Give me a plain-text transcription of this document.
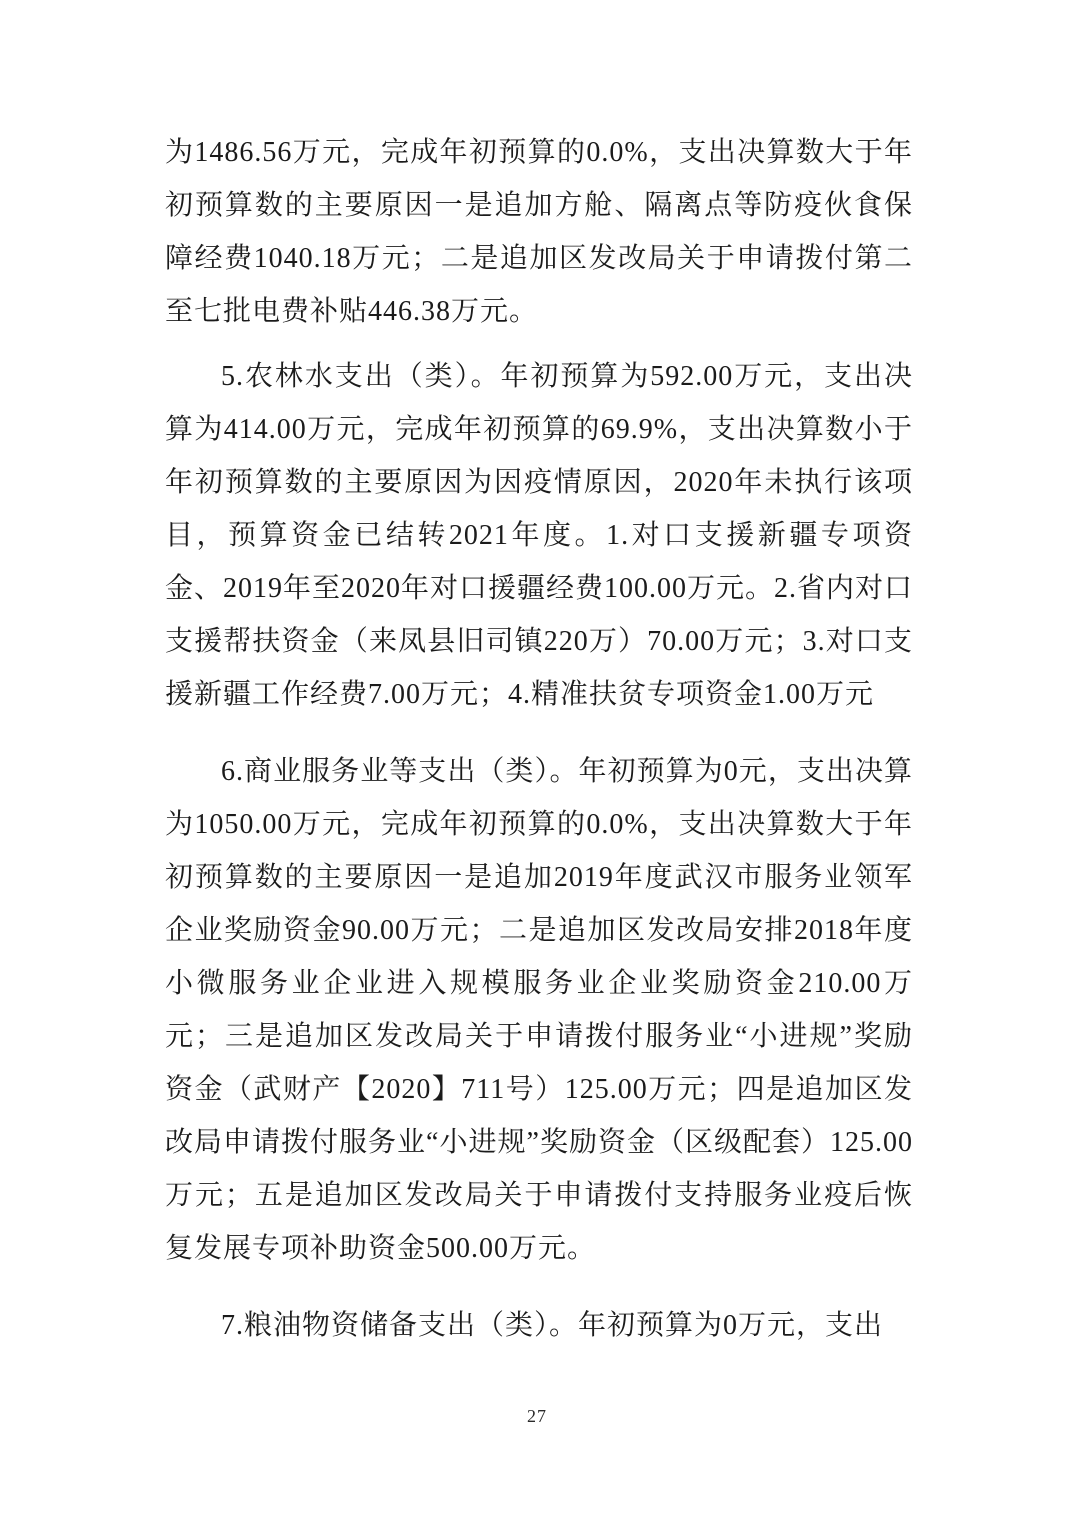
为1486.56万元，完成年初预算的0.0%，支出决算数大于年初预算数的主要原因一是追加方舱、隔离点等防疫伙食保障经费1040.18万元；二是追加区发改局关于申请拨付第二至七批电费补贴446.38万元。

5.农林水支出（类）。年初预算为592.00万元，支出决算为414.00万元，完成年初预算的69.9%，支出决算数小于年初预算数的主要原因为因疫情原因，2020年未执行该项目，预算资金已结转2021年度。1.对口支援新疆专项资金、2019年至2020年对口援疆经费100.00万元。2.省内对口支援帮扶资金（来凤县旧司镇220万）70.00万元；3.对口支援新疆工作经费7.00万元；4.精准扶贫专项资金1.00万元

6.商业服务业等支出（类）。年初预算为0元，支出决算为1050.00万元，完成年初预算的0.0%，支出决算数大于年初预算数的主要原因一是追加2019年度武汉市服务业领军企业奖励资金90.00万元；二是追加区发改局安排2018年度小微服务业企业进入规模服务业企业奖励资金210.00万元；三是追加区发改局关于申请拨付服务业“小进规”奖励资金（武财产【2020】711号）125.00万元；四是追加区发改局申请拨付服务业“小进规”奖励资金（区级配套）125.00万元；五是追加区发改局关于申请拨付支持服务业疫后恢复发展专项补助资金500.00万元。

7.粮油物资储备支出（类）。年初预算为0万元，支出

27
